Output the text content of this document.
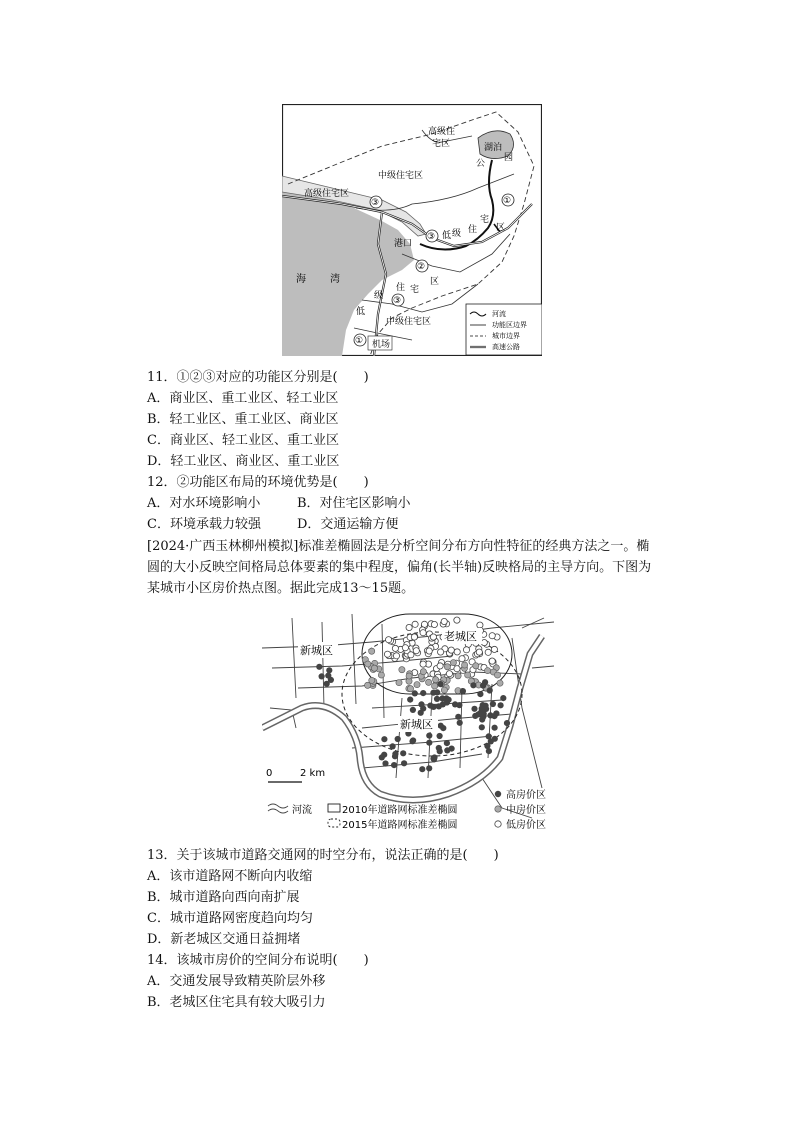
高级住
宅区	湖泊
公
园
中级住宅区
高级住宅区
③	①
③
港口
②
低 级 住
宅
区
海 湾	区
宅
住
级
低
③
中级住宅区
① 机场
河流
功能区边界
城市边界
高速公路
11．①②③对应的功能区分别是(　　)
A．商业区、重工业区、轻工业区
B．轻工业区、重工业区、商业区
C．商业区、轻工业区、重工业区
D．轻工业区、商业区、重工业区
12．②功能区布局的环境优势是(　　)
A．对水环境影响小	B．对住宅区影响小
C．环境承载力较强	D．交通运输方便
[2024·广西玉林柳州模拟]标准差椭圆法是分析空间分布方向性特征的经典方法之一。椭圆的大小反映空间格局总体要素的集中程度，偏角(长半轴)反映格局的主导方向。下图为某城市小区房价热点图。据此完成13～15题。
新城区
老城区
新城区
0	2 km
河流	2010年道路网标准差椭圆
2015年道路网标准差椭圆
高房价区
中房价区
低房价区
13．关于该城市道路交通网的时空分布，说法正确的是(　　)
A．该市道路网不断向内收缩
B．城市道路向西向南扩展
C．城市道路网密度趋向均匀
D．新老城区交通日益拥堵
14．该城市房价的空间分布说明(　　)
A．交通发展导致精英阶层外移
B．老城区住宅具有较大吸引力
